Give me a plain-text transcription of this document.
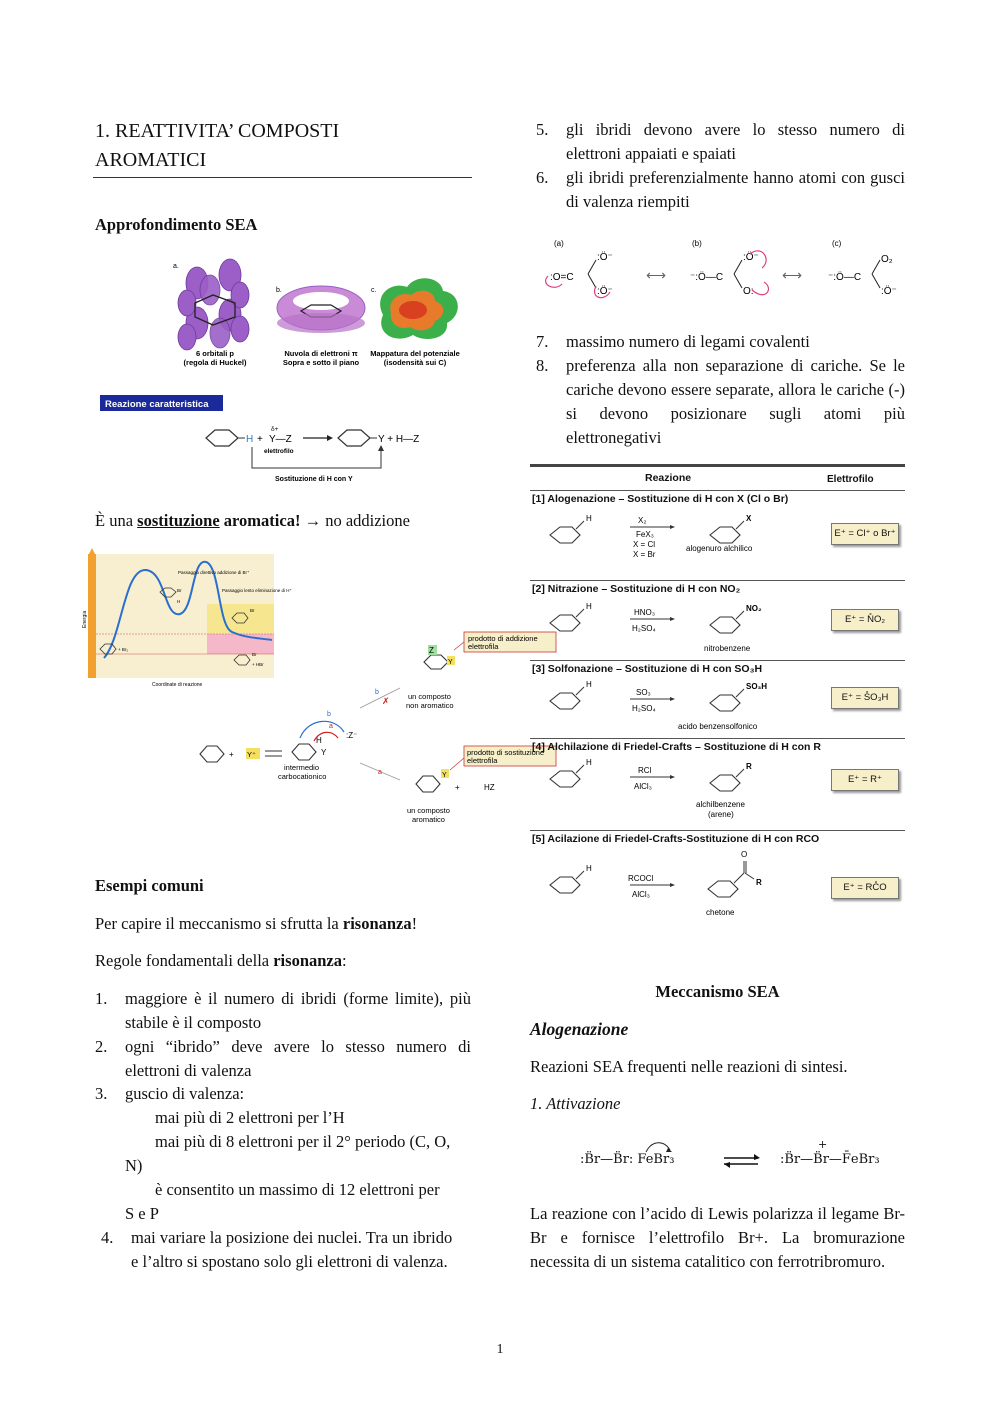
1. REATTIVITA’ COMPOSTI
AROMATICI
Approfondimento SEA
a.
b.	c.
6 orbitali p
(regola di Huckel)
Nuvola di elettroni π
Sopra e sotto il piano
Mappatura del potenziale
(isodensità sui C)
Reazione caratteristica
H +
δ+
Y—Z
elettrofilo
Y + H—Z
Sostituzione di H con Y
È una sostituzione aromatica! → no addizione
Energia
Coordinate di reazione
Passaggio direttivo addizione di Br⁺
Passaggio lento eliminazione di H⁺
Br
H
+ Br₂
Br
Br
+ HBr
Z
Y
prodotto di addizione
elettrofila
un composto
non aromatico
+ Y⁺
H
Y
:Z⁻
b
a
intermedio
carbocationico
b
✗
a	Y
+	HZ
prodotto di sostituzione
elettrofila
un composto
aromatico
Esempi comuni
Per capire il meccanismo si sfrutta la risonanza!
Regole fondamentali della risonanza:
1. maggiore è il numero di ibridi (forme limite), più stabile è il composto
2. ogni “ibrido” deve avere lo stesso numero di elettroni di valenza
3. guscio di valenza:
mai più di 2 elettroni per l’H
mai più di 8 elettroni per il 2° periodo (C, O,
N)
è consentito un massimo di 12 elettroni per
S e P
4. mai variare la posizione dei nuclei. Tra un ibrido
e l’altro si spostano solo gli elettroni di valenza.
5. gli ibridi devono avere lo stesso numero di elettroni appaiati e spaiati
6. gli ibridi preferenzialmente hanno atomi con gusci di valenza riempiti
(a)	(b)	(c)
:O=C
:Ö⁻
:Ö⁻
⟷ ⁻:Ö—C
:Ö⁻
O:
⟷	⁻:Ö—C
O₂
:Ö⁻
7. massimo numero di legami covalenti
8. preferenza alla non separazione di cariche. Se le cariche devono essere separate, allora le cariche (-) si devono posizionare sugli atomi più elettronegativi
Reazione	Elettrofilo
[1] Alogenazione – Sostituzione di H con X (Cl o Br)
H	X₂
FeX₃
X = Cl
X = Br
X
alogenuro alchilico
E⁺ = Cl⁺ o Br⁺
[2] Nitrazione – Sostituzione di H con NO₂
H
HNO₃
H₂SO₄
NO₂
nitrobenzene
E⁺ = N̊O₂
[3] Solfonazione – Sostituzione di H con SO₃H
H
SO₃
H₂SO₄
SO₃H
acido benzensolfonico
E⁺ = S̊O₃H
[4] Alchilazione di Friedel-Crafts – Sostituzione di H con R
H
RCl
AlCl₃
R
alchilbenzene
(arene)
E⁺ = R⁺
[5] Acilazione di Friedel-Crafts-Sostituzione di H con RCO
H
RCOCl
AlCl₃
O
R
chetone
E⁺ = RC̊O
Meccanismo SEA
Alogenazione
Reazioni SEA frequenti nelle reazioni di sintesi.
1. Attivazione
:B̈r—B̈r: FeBr₃	⇌ :B̈r—B̈r—F̄eBr₃
+
La reazione con l’acido di Lewis polarizza il legame Br-Br e fornisce l’elettrofilo Br+. La bromurazione necessita di un sistema catalitico con ferrotribromuro.
1
